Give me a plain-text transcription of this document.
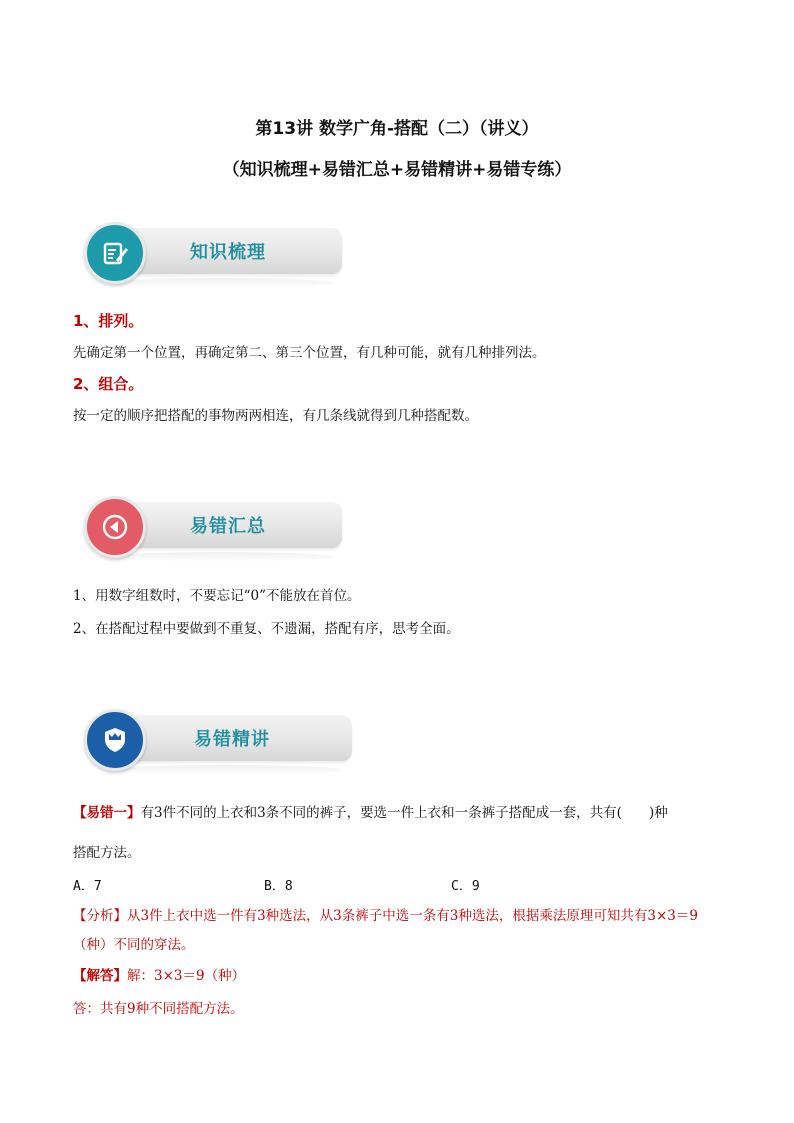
第13讲 数学广角-搭配（二）（讲义）
（知识梳理+易错汇总+易错精讲+易错专练）
知识梳理
1、排列。
先确定第一个位置，再确定第二、第三个位置，有几种可能，就有几种排列法。
2、组合。
按一定的顺序把搭配的事物两两相连，有几条线就得到几种搭配数。
易错汇总
1、用数字组数时，不要忘记“0”不能放在首位。
2、在搭配过程中要做到不重复、不遗漏，搭配有序，思考全面。
易错精讲
【易错一】有3件不同的上衣和3条不同的裤子，要选一件上衣和一条裤子搭配成一套，共有(　　)种
搭配方法。
A．7	B．8	C．9
【分析】从3件上衣中选一件有3种选法，从3条裤子中选一条有3种选法，根据乘法原理可知共有3×3＝9
（种）不同的穿法。
【解答】解：3×3＝9（种）
答：共有9种不同搭配方法。
